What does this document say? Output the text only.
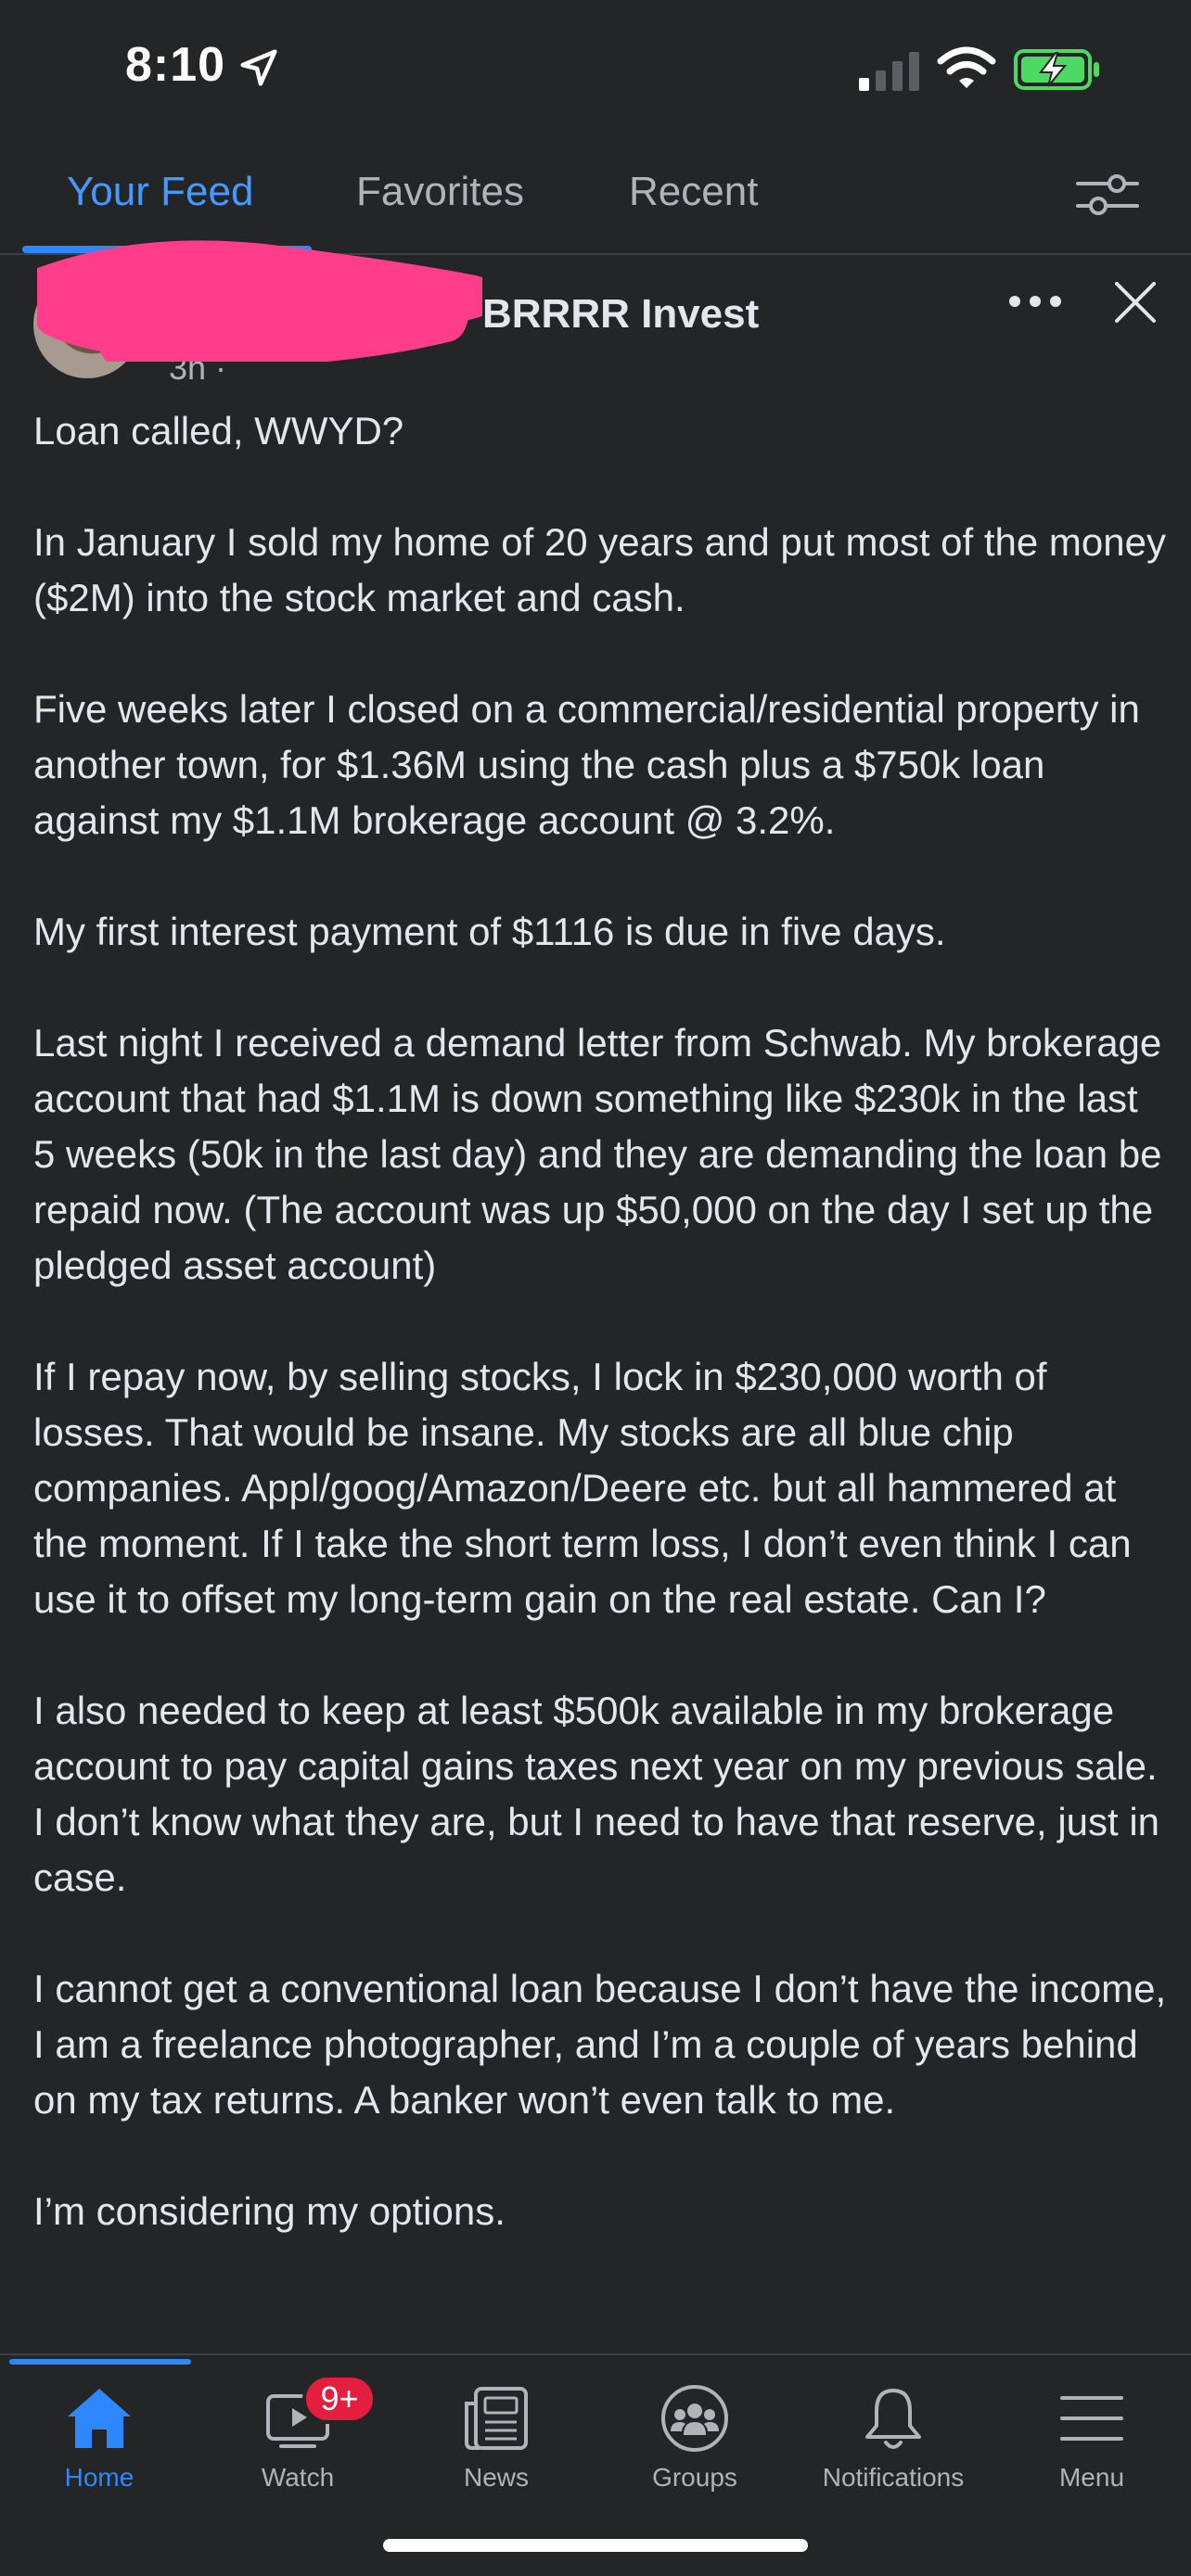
8:10
Your Feed	Favorites	Recent
Scott	BRRRR Invest
3h ·

Loan called, WWYD?

In January I sold my home of 20 years and put most of the money ($2M) into the stock market and cash.

Five weeks later I closed on a commercial/residential property in another town, for $1.36M using the cash plus a $750k loan against my $1.1M brokerage account @ 3.2%.

My first interest payment of $1116 is due in five days.

Last night I received a demand letter from Schwab. My brokerage account that had $1.1M is down something like $230k in the last 5 weeks (50k in the last day) and they are demanding the loan be repaid now. (The account was up $50,000 on the day I set up the pledged asset account)

If I repay now, by selling stocks, I lock in $230,000 worth of losses. That would be insane. My stocks are all blue chip companies. Appl/goog/Amazon/Deere etc. but all hammered at the moment. If I take the short term loss, I don’t even think I can use it to offset my long-term gain on the real estate. Can I?

I also needed to keep at least $500k available in my brokerage account to pay capital gains taxes next year on my previous sale. I don’t know what they are, but I need to have that reserve, just in case.

I cannot get a conventional loan because I don’t have the income, I am a freelance photographer, and I’m a couple of years behind on my tax returns. A banker won’t even talk to me.

I’m considering my options.

Home
9+
Watch	News	Groups	Notifications	Menu
